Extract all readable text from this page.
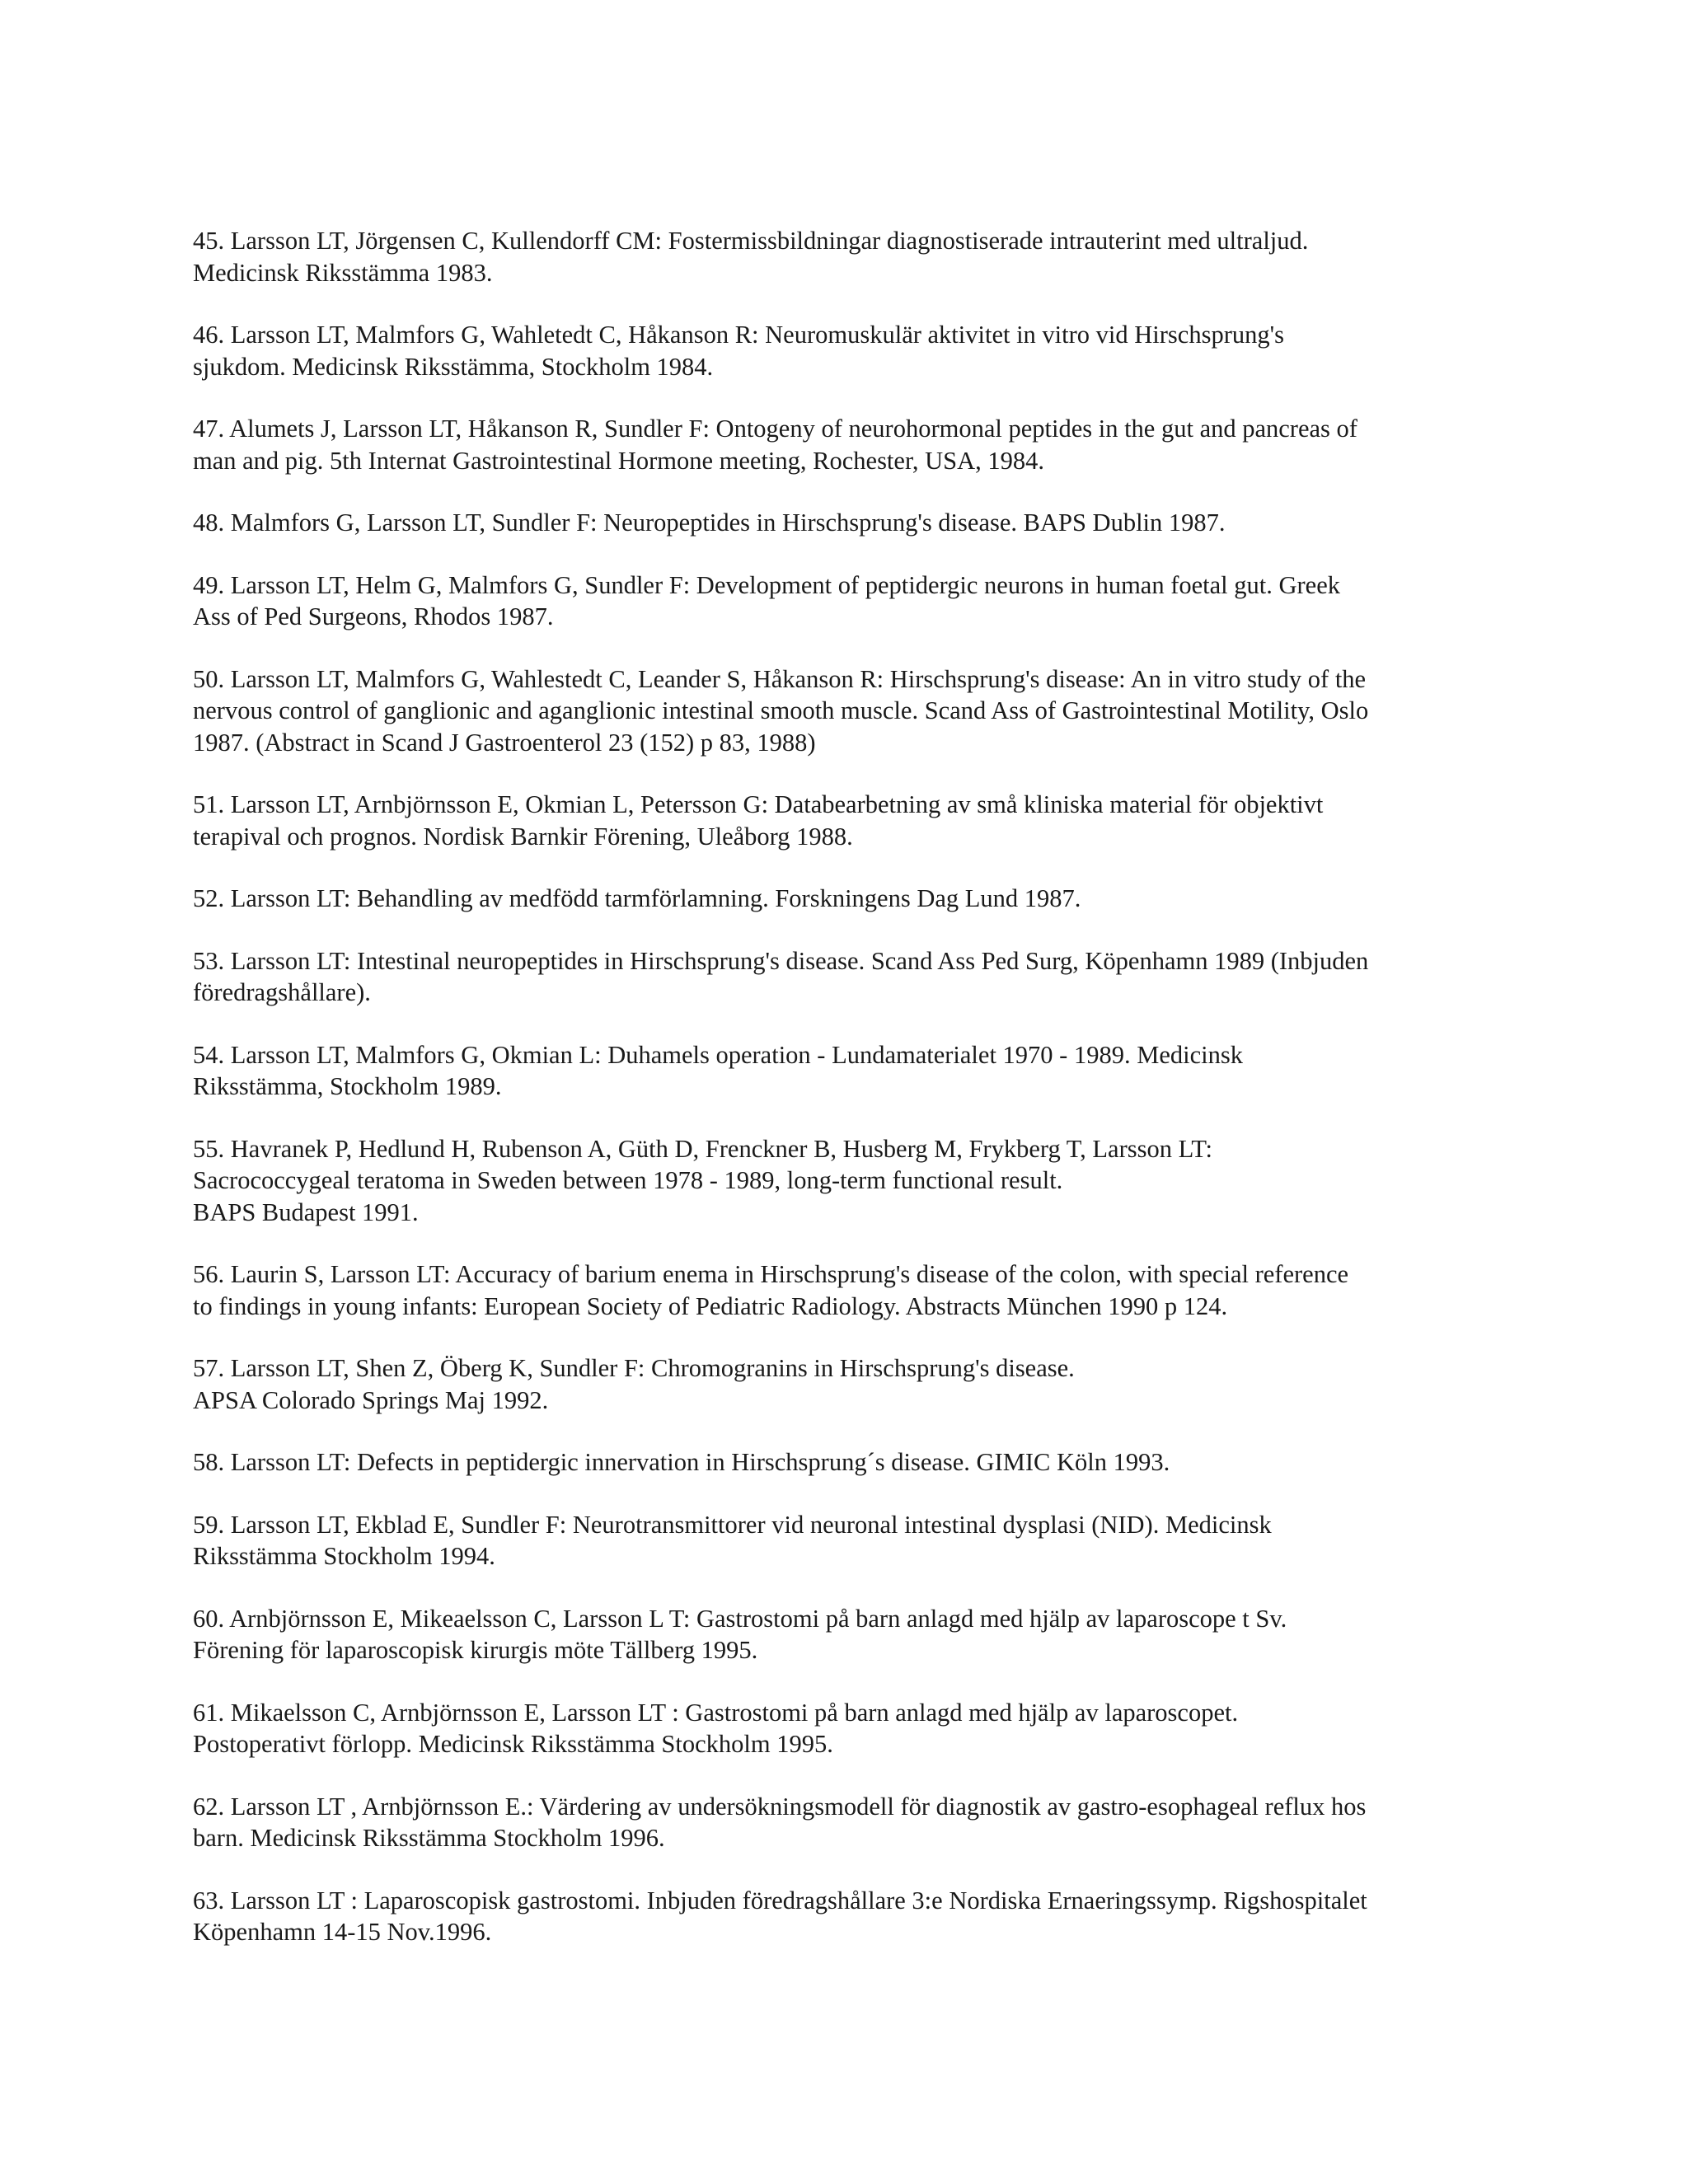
45. Larsson LT, Jörgensen C, Kullendorff CM: Fostermissbildningar diagnostiserade intrauterint med ultraljud.
Medicinsk Riksstämma 1983.

46. Larsson LT, Malmfors G, Wahletedt C, Håkanson R: Neuromuskulär aktivitet in vitro vid Hirschsprung's
sjukdom. Medicinsk Riksstämma, Stockholm 1984.

47. Alumets J, Larsson LT, Håkanson R, Sundler F: Ontogeny of neurohormonal peptides in the gut and pancreas of
man and pig. 5th Internat Gastrointestinal Hormone meeting, Rochester, USA, 1984.

48. Malmfors G, Larsson LT, Sundler F: Neuropeptides in Hirschsprung's disease. BAPS Dublin 1987.

49. Larsson LT, Helm G, Malmfors G, Sundler F: Development of peptidergic neurons in human foetal gut. Greek
Ass of Ped Surgeons, Rhodos 1987.

50. Larsson LT, Malmfors G, Wahlestedt C, Leander S, Håkanson R: Hirschsprung's disease: An in vitro study of the
nervous control of ganglionic and aganglionic intestinal smooth muscle. Scand Ass of Gastrointestinal Motility, Oslo
1987. (Abstract in Scand J Gastroenterol 23 (152) p 83, 1988)

51. Larsson LT, Arnbjörnsson E, Okmian L, Petersson G: Databearbetning av små kliniska material för objektivt
terapival och prognos. Nordisk Barnkir Förening, Uleåborg 1988.

52. Larsson LT: Behandling av medfödd tarmförlamning. Forskningens Dag Lund 1987.

53. Larsson LT: Intestinal neuropeptides in Hirschsprung's disease. Scand Ass Ped Surg, Köpenhamn 1989 (Inbjuden
föredragshållare).

54. Larsson LT, Malmfors G, Okmian L: Duhamels operation - Lundamaterialet 1970 - 1989. Medicinsk
Riksstämma, Stockholm 1989.

55. Havranek P, Hedlund H, Rubenson A, Güth D, Frenckner B, Husberg M, Frykberg T, Larsson LT:
Sacrococcygeal teratoma in Sweden between 1978 - 1989, long-term functional result.
BAPS Budapest 1991.

56. Laurin S, Larsson LT: Accuracy of barium enema in Hirschsprung's disease of the colon, with special reference
to findings in young infants: European Society of Pediatric Radiology. Abstracts München 1990 p 124.

57. Larsson LT, Shen Z, Öberg K, Sundler F: Chromogranins in Hirschsprung's disease.
APSA Colorado Springs Maj 1992.

58. Larsson LT: Defects in peptidergic innervation in Hirschsprung´s disease. GIMIC Köln 1993.

59. Larsson LT, Ekblad E, Sundler F: Neurotransmittorer vid neuronal intestinal dysplasi (NID). Medicinsk
Riksstämma Stockholm 1994.

60. Arnbjörnsson E, Mikeaelsson C, Larsson L T: Gastrostomi på barn anlagd med hjälp av laparoscope t Sv.
Förening för laparoscopisk kirurgis möte Tällberg 1995.

61. Mikaelsson C, Arnbjörnsson E, Larsson LT : Gastrostomi på barn anlagd med hjälp av laparoscopet.
Postoperativt förlopp. Medicinsk Riksstämma Stockholm 1995.

62. Larsson LT , Arnbjörnsson E.: Värdering av undersökningsmodell för diagnostik av gastro-esophageal reflux hos
barn. Medicinsk Riksstämma Stockholm 1996.

63. Larsson LT : Laparoscopisk gastrostomi. Inbjuden föredragshållare 3:e Nordiska Ernaeringssymp. Rigshospitalet
Köpenhamn 14-15 Nov.1996.
